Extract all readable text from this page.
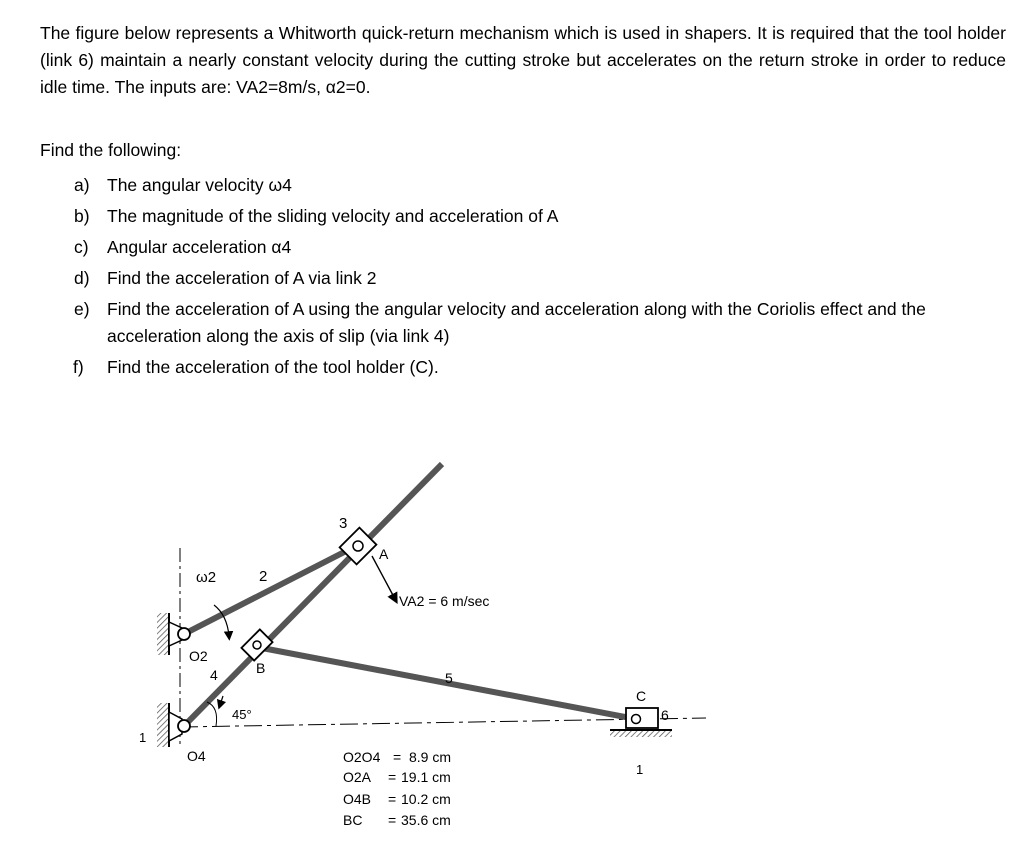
The figure below represents a Whitworth quick-return mechanism which is used in shapers. It is required that the tool holder (link 6) maintain a nearly constant velocity during the cutting stroke but accelerates on the return stroke in order to reduce idle time. The inputs are: VA2=8m/s, α2=0.

Find the following:

a) The angular velocity ω4
b) The magnitude of the sliding velocity and acceleration of A
c) Angular acceleration α4
d) Find the acceleration of A via link 2
e) Find the acceleration of A using the angular velocity and acceleration along with the Coriolis effect and the acceleration along the axis of slip (via link 4)
f) Find the acceleration of the tool holder (C).
3
A
ω2	2
VA2 = 6 m/sec
O2
4	B
5
C
6
45°
1
O4
1
O2O4 = 8.9 cm
O2A = 19.1 cm
O4B = 10.2 cm
BC = 35.6 cm
